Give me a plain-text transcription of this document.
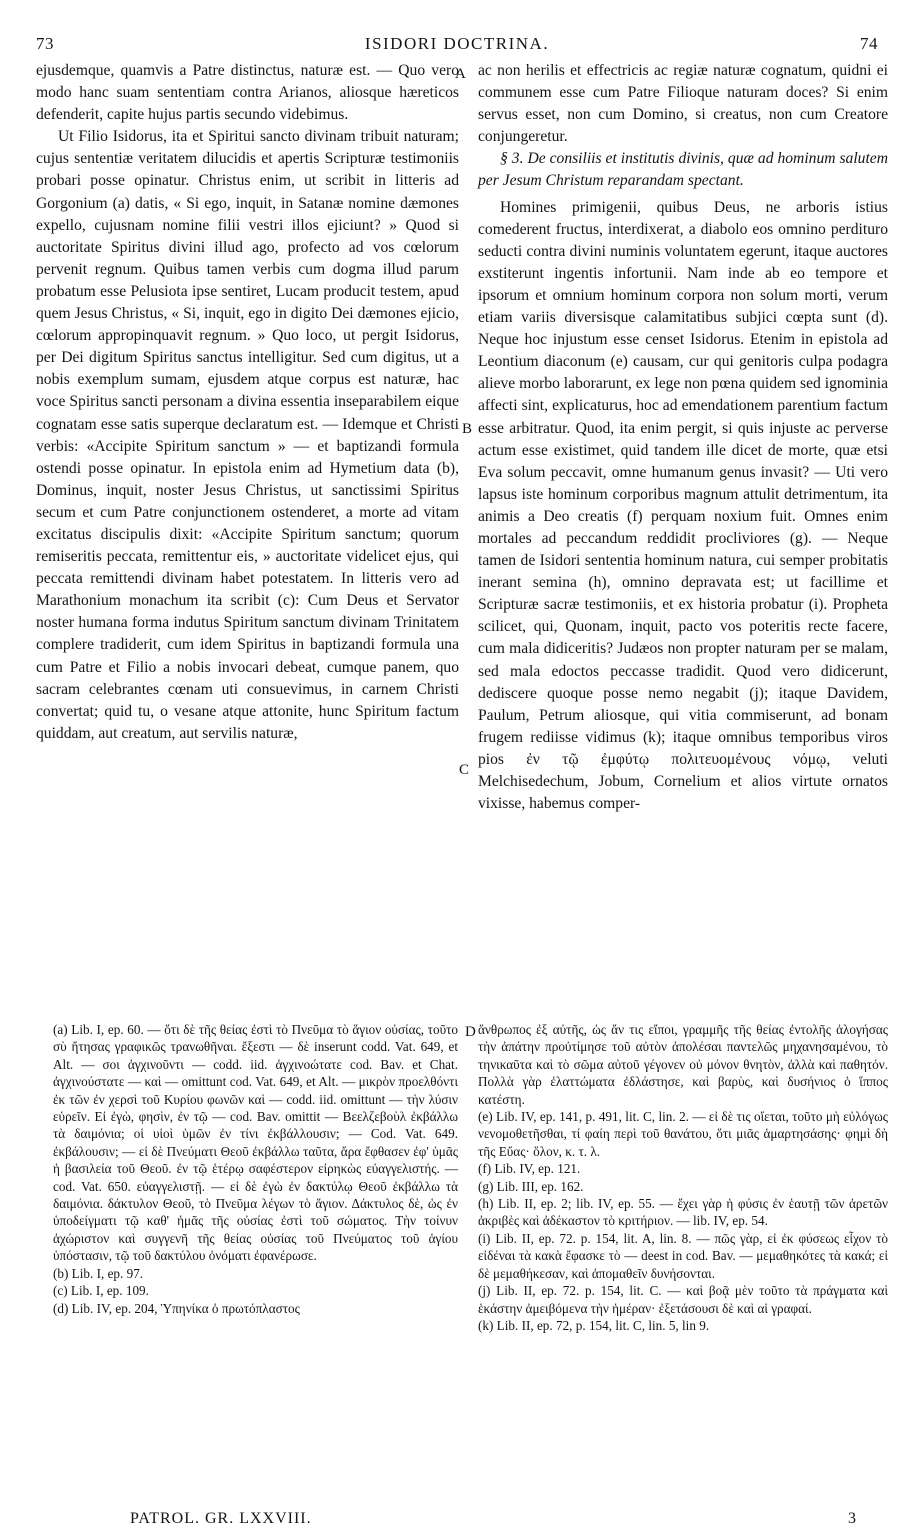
73	ISIDORI DOCTRINA.	74

ejusdemque, quamvis a Patre distinctus, naturæ est. — Quo vero modo hanc suam sententiam contra Arianos, aliosque hæreticos defenderit, capite hujus partis secundo videbimus.

Ut Filio Isidorus, ita et Spiritui sancto divinam tribuit naturam; cujus sententiæ veritatem dilucidis et apertis Scripturæ testimoniis probari posse opinatur. Christus enim, ut scribit in litteris ad Gorgonium (a) datis, « Si ego, inquit, in Satanæ nomine dæmones expello, cujusnam nomine filii vestri illos ejiciunt? » Quod si auctoritate Spiritus divini illud ago, profecto ad vos cœlorum pervenit regnum. Quibus tamen verbis cum dogma illud parum probatum esse Pelusiota ipse sentiret, Lucam producit testem, apud quem Jesus Christus, « Si, inquit, ego in digito Dei dæmones ejicio, cœlorum appropinquavit regnum. » Quo loco, ut pergit Isidorus, per Dei digitum Spiritus sanctus intelligitur. Sed cum digitus, ut a nobis exemplum sumam, ejusdem atque corpus est naturæ, hac voce Spiritus sancti personam a divina essentia inseparabilem eique cognatam esse satis superque declaratum est. — Idemque et Christi verbis: «Accipite Spiritum sanctum » — et baptizandi formula ostendi posse opinatur. In epistola enim ad Hymetium data (b), Dominus, inquit, noster Jesus Christus, ut sanctissimi Spiritus secum et cum Patre conjunctionem ostenderet, a morte ad vitam excitatus discipulis dixit: «Accipite Spiritum sanctum; quorum remiseritis peccata, remittentur eis, » auctoritate videlicet ejus, qui peccata remittendi divinam habet potestatem. In litteris vero ad Marathonium monachum ita scribit (c): Cum Deus et Servator noster humana forma indutus Spiritum sanctum divinam Trinitatem complere tradiderit, cum idem Spiritus in baptizandi formula una cum Patre et Filio a nobis invocari debeat, cumque panem, quo sacram celebrantes cœnam uti consuevimus, in carnem Christi convertat; quid tu, o vesane atque attonite, hunc Spiritum factum quiddam, aut creatum, aut servilis naturæ,

ac non herilis et effectricis ac regiæ naturæ cognatum, quidni ei communem esse cum Patre Filioque naturam doces? Si enim servus esset, non cum Domino, si creatus, non cum Creatore conjungeretur.

§ 3. De consiliis et institutis divinis, quæ ad hominum salutem per Jesum Christum reparandam spectant.

Homines primigenii, quibus Deus, ne arboris istius comederent fructus, interdixerat, a diabolo eos omnino perdituro seducti contra divini numinis voluntatem egerunt, itaque auctores exstiterunt ingentis infortunii. Nam inde ab eo tempore et ipsorum et omnium hominum corpora non solum morti, verum etiam variis diversisque calamitatibus subjici cœpta sunt (d). Neque hoc injustum esse censet Isidorus. Etenim in epistola ad Leontium diaconum (e) causam, cur qui genitoris culpa podagra alieve morbo laborarunt, ex lege non pœna quidem sed ignominia affecti sint, explicaturus, hoc ad emendationem parentium factum esse arbitratur. Quod, ita enim pergit, si quis injuste ac perverse actum esse existimet, quid tandem ille dicet de morte, quæ etsi Eva solum peccavit, omne humanum genus invasit? — Uti vero lapsus iste hominum corporibus magnum attulit detrimentum, ita animis a Deo creatis (f) perquam noxium fuit. Omnes enim mortales ad peccandum reddidit procliviores (g). — Neque tamen de Isidori sententia hominum natura, cui semper probitatis inerant semina (h), omnino depravata est; ut facillime et Scripturæ sacræ testimoniis, et ex historia probatur (i). Propheta scilicet, qui, Quonam, inquit, pacto vos poteritis recte facere, cum mala didiceritis? Judæos non propter naturam per se malam, sed mala edoctos peccasse tradidit. Quod vero didicerunt, dediscere quoque posse nemo negabit (j); itaque Davidem, Paulum, Petrum aliosque, qui vitia commiserunt, ad bonam frugem rediisse vidimus (k); itaque omnibus temporibus viros pios ἐν τῷ ἐμφύτῳ πολιτευομένους νόμῳ, veluti Melchisedechum, Jobum, Cornelium et alios virtute ornatos vixisse, habemus comper-

A
B
C
D

(a) Lib. I, ep. 60. — ὅτι δὲ τῆς θείας ἐστὶ τὸ Πνεῦμα τὸ ἅγιον οὐσίας, τοῦτο σὺ ἤτησας γραφικῶς τρανωθῆναι. ἔξεστι — δὲ inserunt codd. Vat. 649, et Alt. — σοι ἀγχινοῦντι — codd. iid. ἀγχινοώτατε cod. Bav. et Chat. ἀγχινούστατε — καὶ — omittunt cod. Vat. 649, et Alt. — μικρὸν προελθόντι ἐκ τῶν ἐν χερσὶ τοῦ Κυρίου φωνῶν καὶ — codd. iid. omittunt — τὴν λύσιν εὑρεῖν. Εἰ ἐγὼ, φησὶν, ἐν τῷ — cod. Bav. omittit — Βεελζεβοὺλ ἐκβάλλω τὰ δαιμόνια; οἱ υἱοὶ ὑμῶν ἐν τίνι ἐκβάλλουσιν; — Cod. Vat. 649. ἐκβάλουσιν; — εἰ δὲ Πνεύματι Θεοῦ ἐκβάλλω ταῦτα, ἄρα ἔφθασεν ἐφ' ὑμᾶς ἡ βασιλεία τοῦ Θεοῦ. ἐν τῷ ἑτέρῳ σαφέστερον εἰρηκὼς εὐαγγελιστής. — cod. Vat. 650. εὐαγγελιστῇ. — εἰ δὲ ἐγὼ ἐν δακτύλῳ Θεοῦ ἐκβάλλω τὰ δαιμόνια. δάκτυλον Θεοῦ, τὸ Πνεῦμα λέγων τὸ ἅγιον. Δάκτυλος δὲ, ὡς ἐν ὑποδείγματι τῷ καθ' ἡμᾶς τῆς οὐσίας ἐστὶ τοῦ σώματος. Τὴν τοίνυν ἀχώριστον καὶ συγγενῆ τῆς θείας οὐσίας τοῦ Πνεύματος τοῦ ἁγίου ὑπόστασιν, τῷ τοῦ δακτύλου ὀνόματι ἐφανέρωσε.

(b) Lib. I, ep. 97.

(c) Lib. I, ep. 109.

(d) Lib. IV, ep. 204, Ὑπηνίκα ὁ πρωτόπλαστος

ἄνθρωπος ἐξ αὐτῆς, ὡς ἄν τις εἴποι, γραμμῆς τῆς θείας ἐντολῆς ἀλογήσας τὴν ἀπάτην προὐτίμησε τοῦ αὐτὸν ἀπολέσαι παντελῶς μηχανησαμένου, τὸ τηνικαῦτα καὶ τὸ σῶμα αὐτοῦ γέγονεν οὐ μόνον θνητὸν, ἀλλὰ καὶ παθητόν. Πολλὰ γὰρ ἐλαττώματα ἐδλάστησε, καὶ βαρὺς, καὶ δυσήνιος ὁ ἵππος κατέστη.

(e) Lib. IV, ep. 141, p. 491, lit. C, lin. 2. — εἰ δὲ τις οἴεται, τοῦτο μὴ εὐλόγως νενομοθετῆσθαι, τί φαίη περὶ τοῦ θανάτου, ὅτι μιᾶς ἁμαρτησάσης· φημὶ δὴ τῆς Εὔας· ὅλον, κ. τ. λ.

(f) Lib. IV, ep. 121.

(g) Lib. III, ep. 162.

(h) Lib. II, ep. 2; lib. IV, ep. 55. — ἔχει γὰρ ἡ φύσις ἐν ἑαυτῇ τῶν ἀρετῶν ἀκριβὲς καὶ ἀδέκαστον τὸ κριτήριον. — lib. IV, ep. 54.

(i) Lib. II, ep. 72. p. 154, lit. A, lin. 8. — πῶς γὰρ, εἰ ἐκ φύσεως εἶχον τὸ εἰδέναι τὰ κακὰ ἔφασκε τὸ — deest in cod. Bav. — μεμαθηκότες τὰ κακά; εἰ δὲ μεμαθήκεσαν, καὶ ἀπομαθεῖν δυνήσονται.

(j) Lib. II, ep. 72. p. 154, lit. C. — καὶ βοᾷ μὲν τοῦτο τὰ πράγματα καὶ ἑκάστην ἀμειβόμενα τὴν ἡμέραν· ἐξετάσουσι δὲ καὶ αἱ γραφαί.

(k) Lib. II, ep. 72, p. 154, lit. C, lin. 5, lin 9.

PATROL. GR. LXXVIII.	3
